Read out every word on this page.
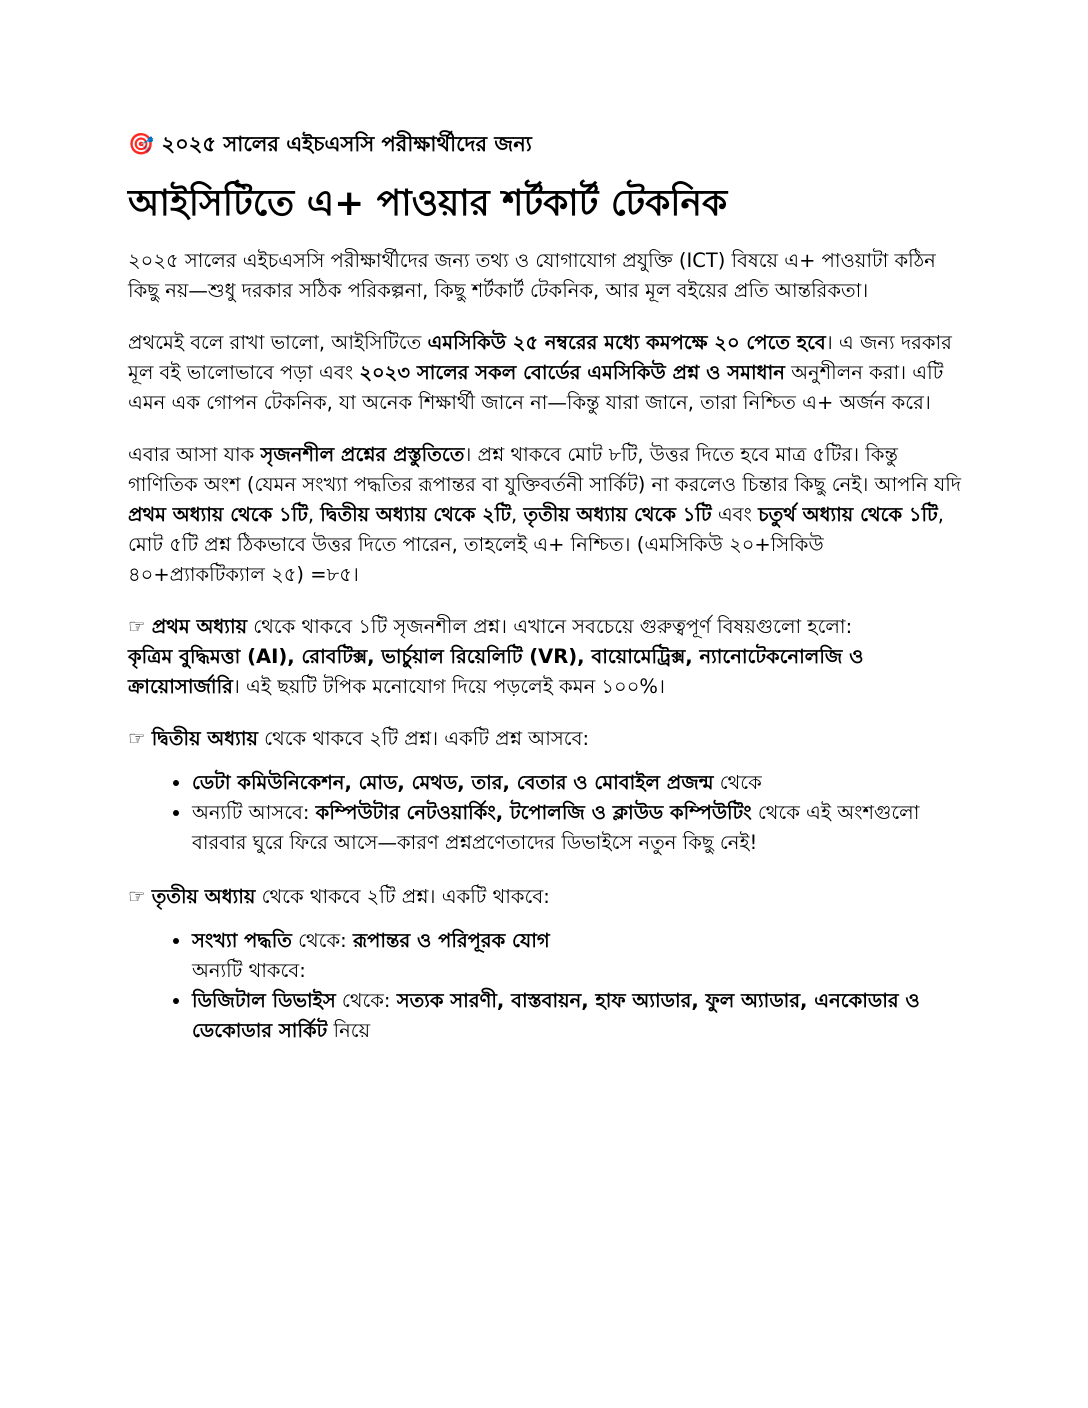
🎯 ২০২৫ সালের এইচএসসি পরীক্ষার্থীদের জন্য
আইসিটিতে এ+ পাওয়ার শর্টকার্ট টেকনিক

২০২৫ সালের এইচএসসি পরীক্ষার্থীদের জন্য তথ্য ও যোগাযোগ প্রযুক্তি (ICT) বিষয়ে এ+ পাওয়াটা কঠিন কিছু নয়—শুধু দরকার সঠিক পরিকল্পনা, কিছু শর্টকার্ট টেকনিক, আর মূল বইয়ের প্রতি আন্তরিকতা।

প্রথমেই বলে রাখা ভালো, আইসিটিতে এমসিকিউ ২৫ নম্বরের মধ্যে কমপক্ষে ২০ পেতে হবে। এ জন্য দরকার মূল বই ভালোভাবে পড়া এবং ২০২৩ সালের সকল বোর্ডের এমসিকিউ প্রশ্ন ও সমাধান অনুশীলন করা। এটি এমন এক গোপন টেকনিক, যা অনেক শিক্ষার্থী জানে না—কিন্তু যারা জানে, তারা নিশ্চিত এ+ অর্জন করে।

এবার আসা যাক সৃজনশীল প্রশ্নের প্রস্তুতিতে। প্রশ্ন থাকবে মোট ৮টি, উত্তর দিতে হবে মাত্র ৫টির। কিন্তু গাণিতিক অংশ (যেমন সংখ্যা পদ্ধতির রূপান্তর বা যুক্তিবর্তনী সার্কিট) না করলেও চিন্তার কিছু নেই। আপনি যদি প্রথম অধ্যায় থেকে ১টি, দ্বিতীয় অধ্যায় থেকে ২টি, তৃতীয় অধ্যায় থেকে ১টি এবং চতুর্থ অধ্যায় থেকে ১টি, মোট ৫টি প্রশ্ন ঠিকভাবে উত্তর দিতে পারেন, তাহলেই এ+ নিশ্চিত। (এমসিকিউ ২০+সিকিউ ৪০+প্র্যাকটিক্যাল ২৫) =৮৫।

☞ প্রথম অধ্যায় থেকে থাকবে ১টি সৃজনশীল প্রশ্ন। এখানে সবচেয়ে গুরুত্বপূর্ণ বিষয়গুলো হলো:
কৃত্রিম বুদ্ধিমত্তা (AI), রোবটিক্স, ভার্চুয়াল রিয়েলিটি (VR), বায়োমেট্রিক্স, ন্যানোটেকনোলজি ও ক্রায়োসার্জারি। এই ছয়টি টপিক মনোযোগ দিয়ে পড়লেই কমন ১০০%।

☞ দ্বিতীয় অধ্যায় থেকে থাকবে ২টি প্রশ্ন। একটি প্রশ্ন আসবে:

• ডেটা কমিউনিকেশন, মোড, মেথড, তার, বেতার ও মোবাইল প্রজন্ম থেকে
• অন্যটি আসবে: কম্পিউটার নেটওয়ার্কিং, টপোলজি ও ক্লাউড কম্পিউটিং থেকে এই অংশগুলো বারবার ঘুরে ফিরে আসে—কারণ প্রশ্নপ্রণেতাদের ডিভাইসে নতুন কিছু নেই!

☞ তৃতীয় অধ্যায় থেকে থাকবে ২টি প্রশ্ন। একটি থাকবে:

• সংখ্যা পদ্ধতি থেকে: রূপান্তর ও পরিপূরক যোগ
অন্যটি থাকবে:
• ডিজিটাল ডিভাইস থেকে: সত্যক সারণী, বাস্তবায়ন, হাফ অ্যাডার, ফুল অ্যাডার, এনকোডার ও ডেকোডার সার্কিট নিয়ে
